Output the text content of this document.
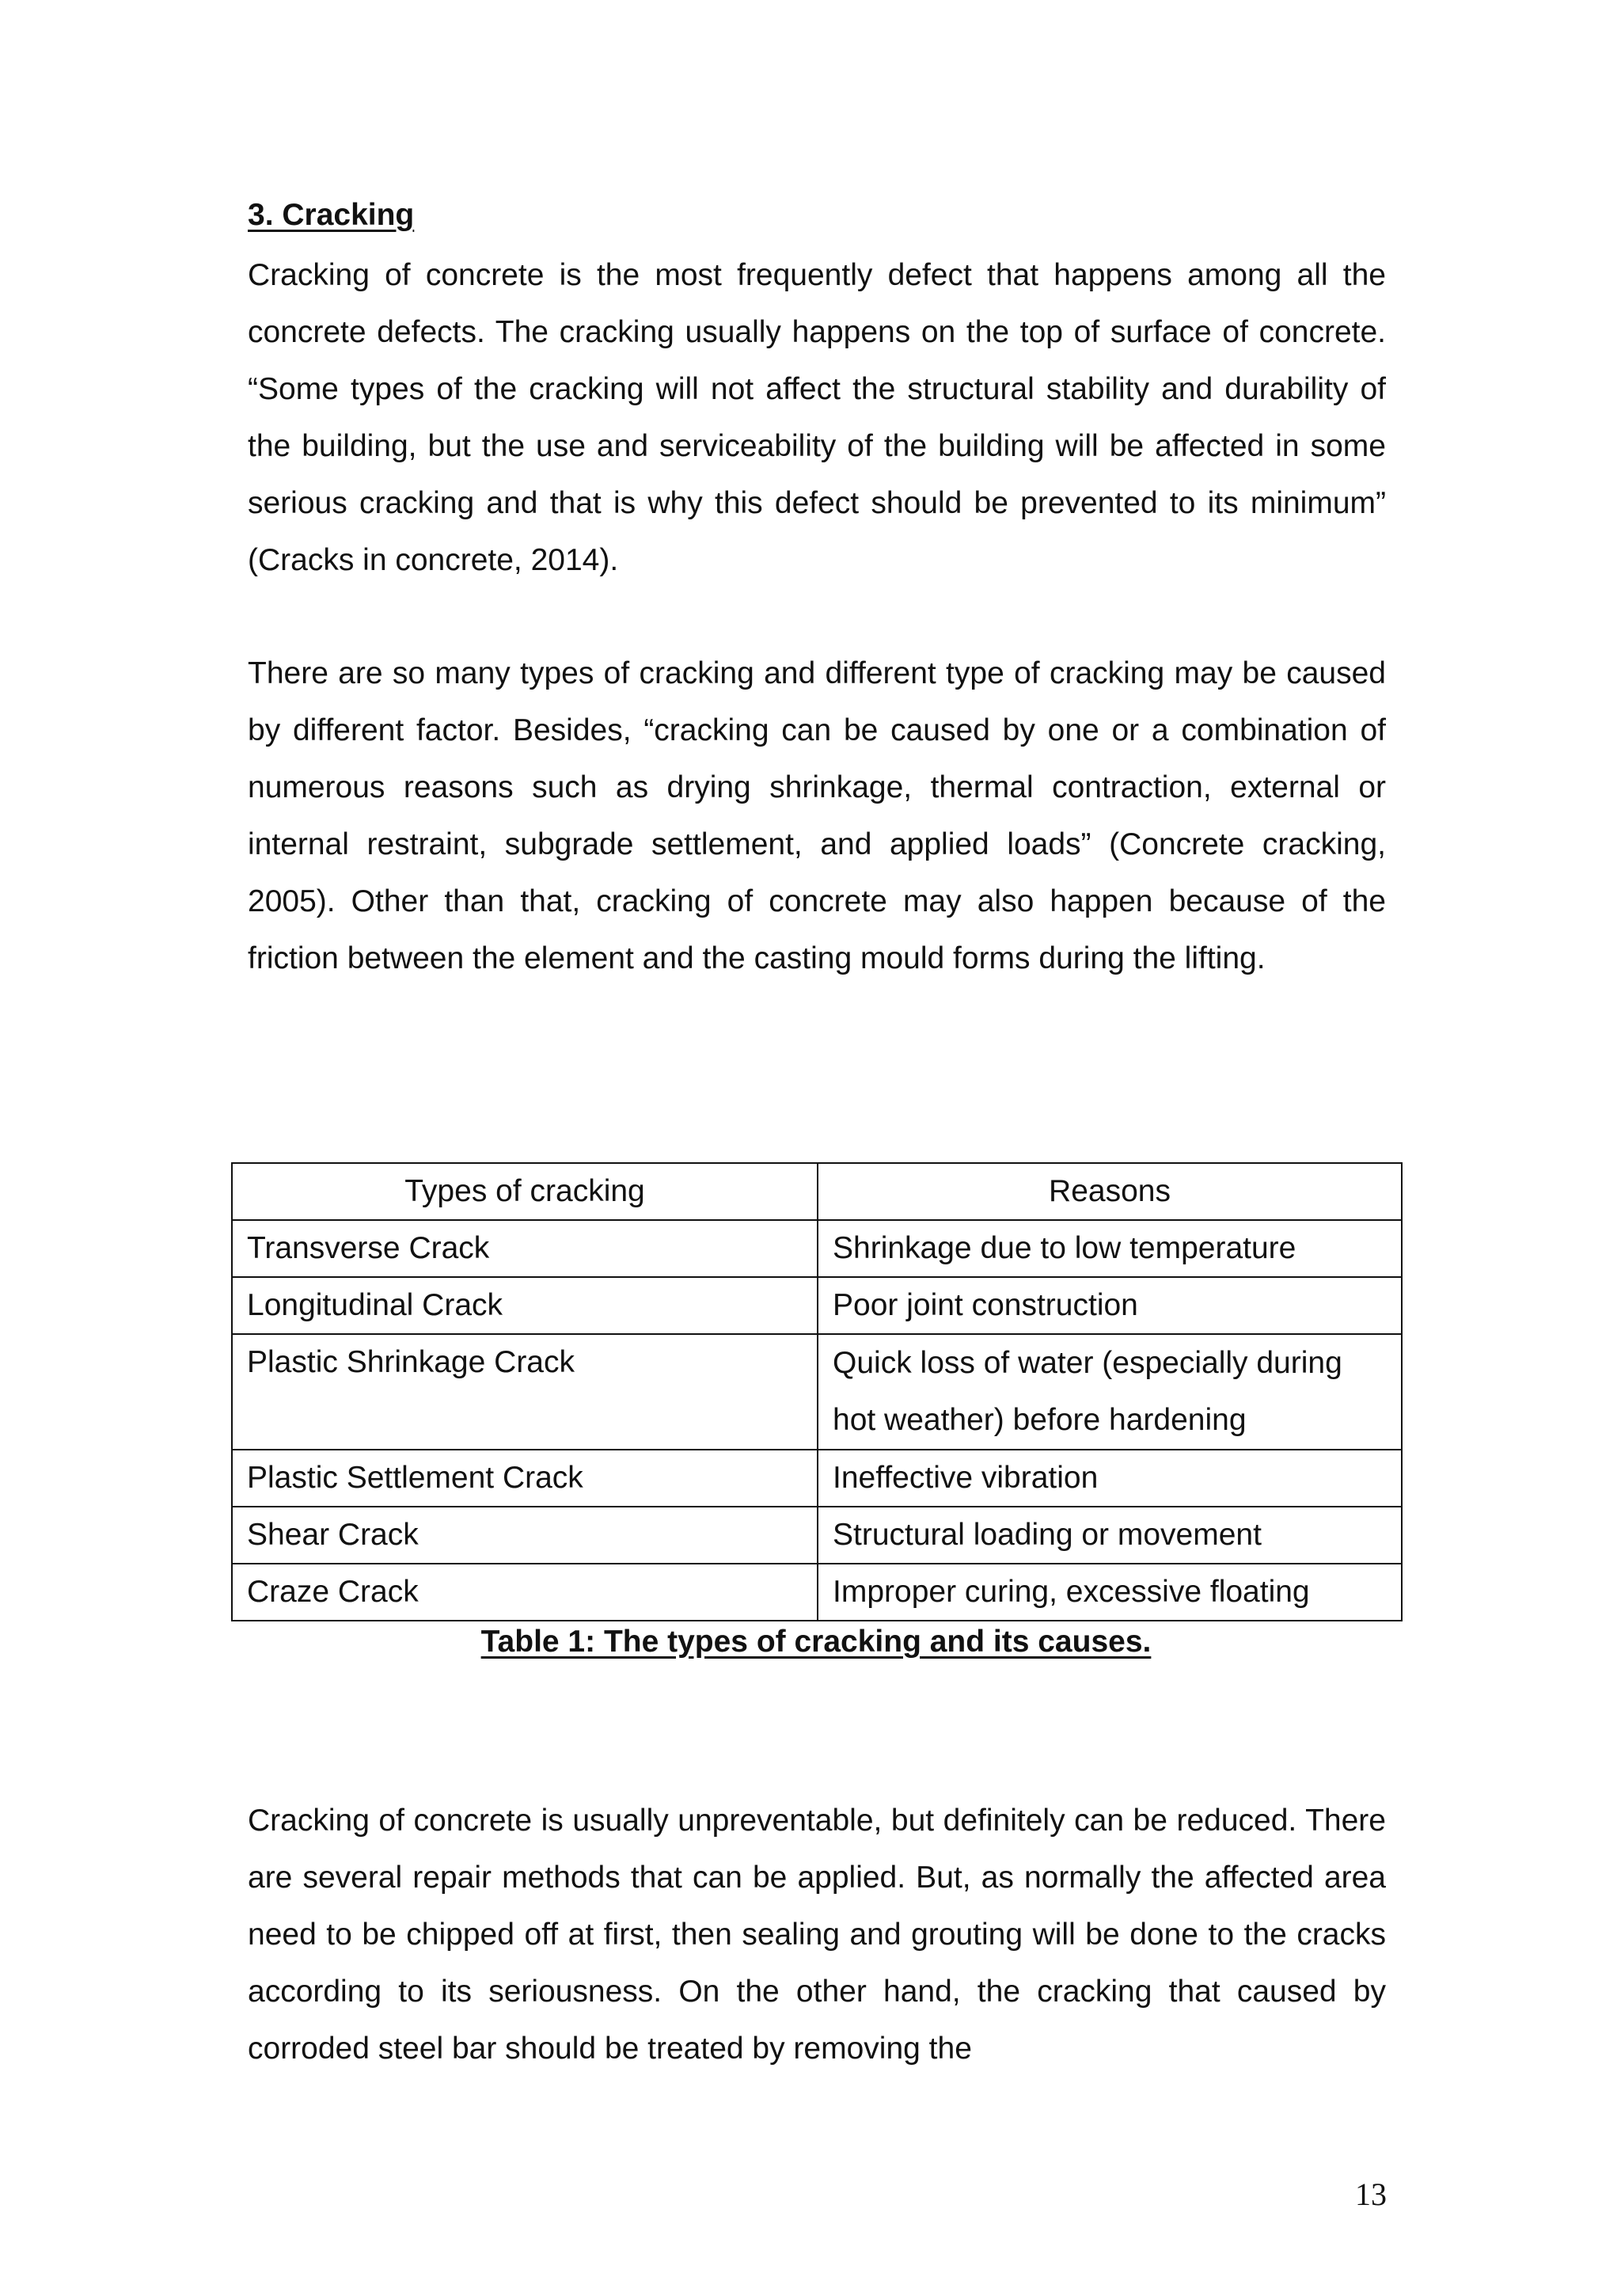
3. Cracking

Cracking of concrete is the most frequently defect that happens among all the concrete defects. The cracking usually happens on the top of surface of concrete. “Some types of the cracking will not affect the structural stability and durability of the building, but the use and serviceability of the building will be affected in some serious cracking and that is why this defect should be prevented to its minimum” (Cracks in concrete, 2014).

There are so many types of cracking and different type of cracking may be caused by different factor. Besides, “cracking can be caused by one or a combination of numerous reasons such as drying shrinkage, thermal contraction, external or internal restraint, subgrade settlement, and applied loads” (Concrete cracking, 2005). Other than that, cracking of concrete may also happen because of the friction between the element and the casting mould forms during the lifting.

Types of cracking	Reasons
Transverse Crack	Shrinkage due to low temperature
Longitudinal Crack	Poor joint construction
Plastic Shrinkage Crack	Quick loss of water (especially during hot weather) before hardening
Plastic Settlement Crack	Ineffective vibration
Shear Crack	Structural loading or movement
Craze Crack	Improper curing, excessive floating

Table 1: The types of cracking and its causes.

Cracking of concrete is usually unpreventable, but definitely can be reduced. There are several repair methods that can be applied. But, as normally the affected area need to be chipped off at first, then sealing and grouting will be done to the cracks according to its seriousness. On the other hand, the cracking that caused by corroded steel bar should be treated by removing the

13
